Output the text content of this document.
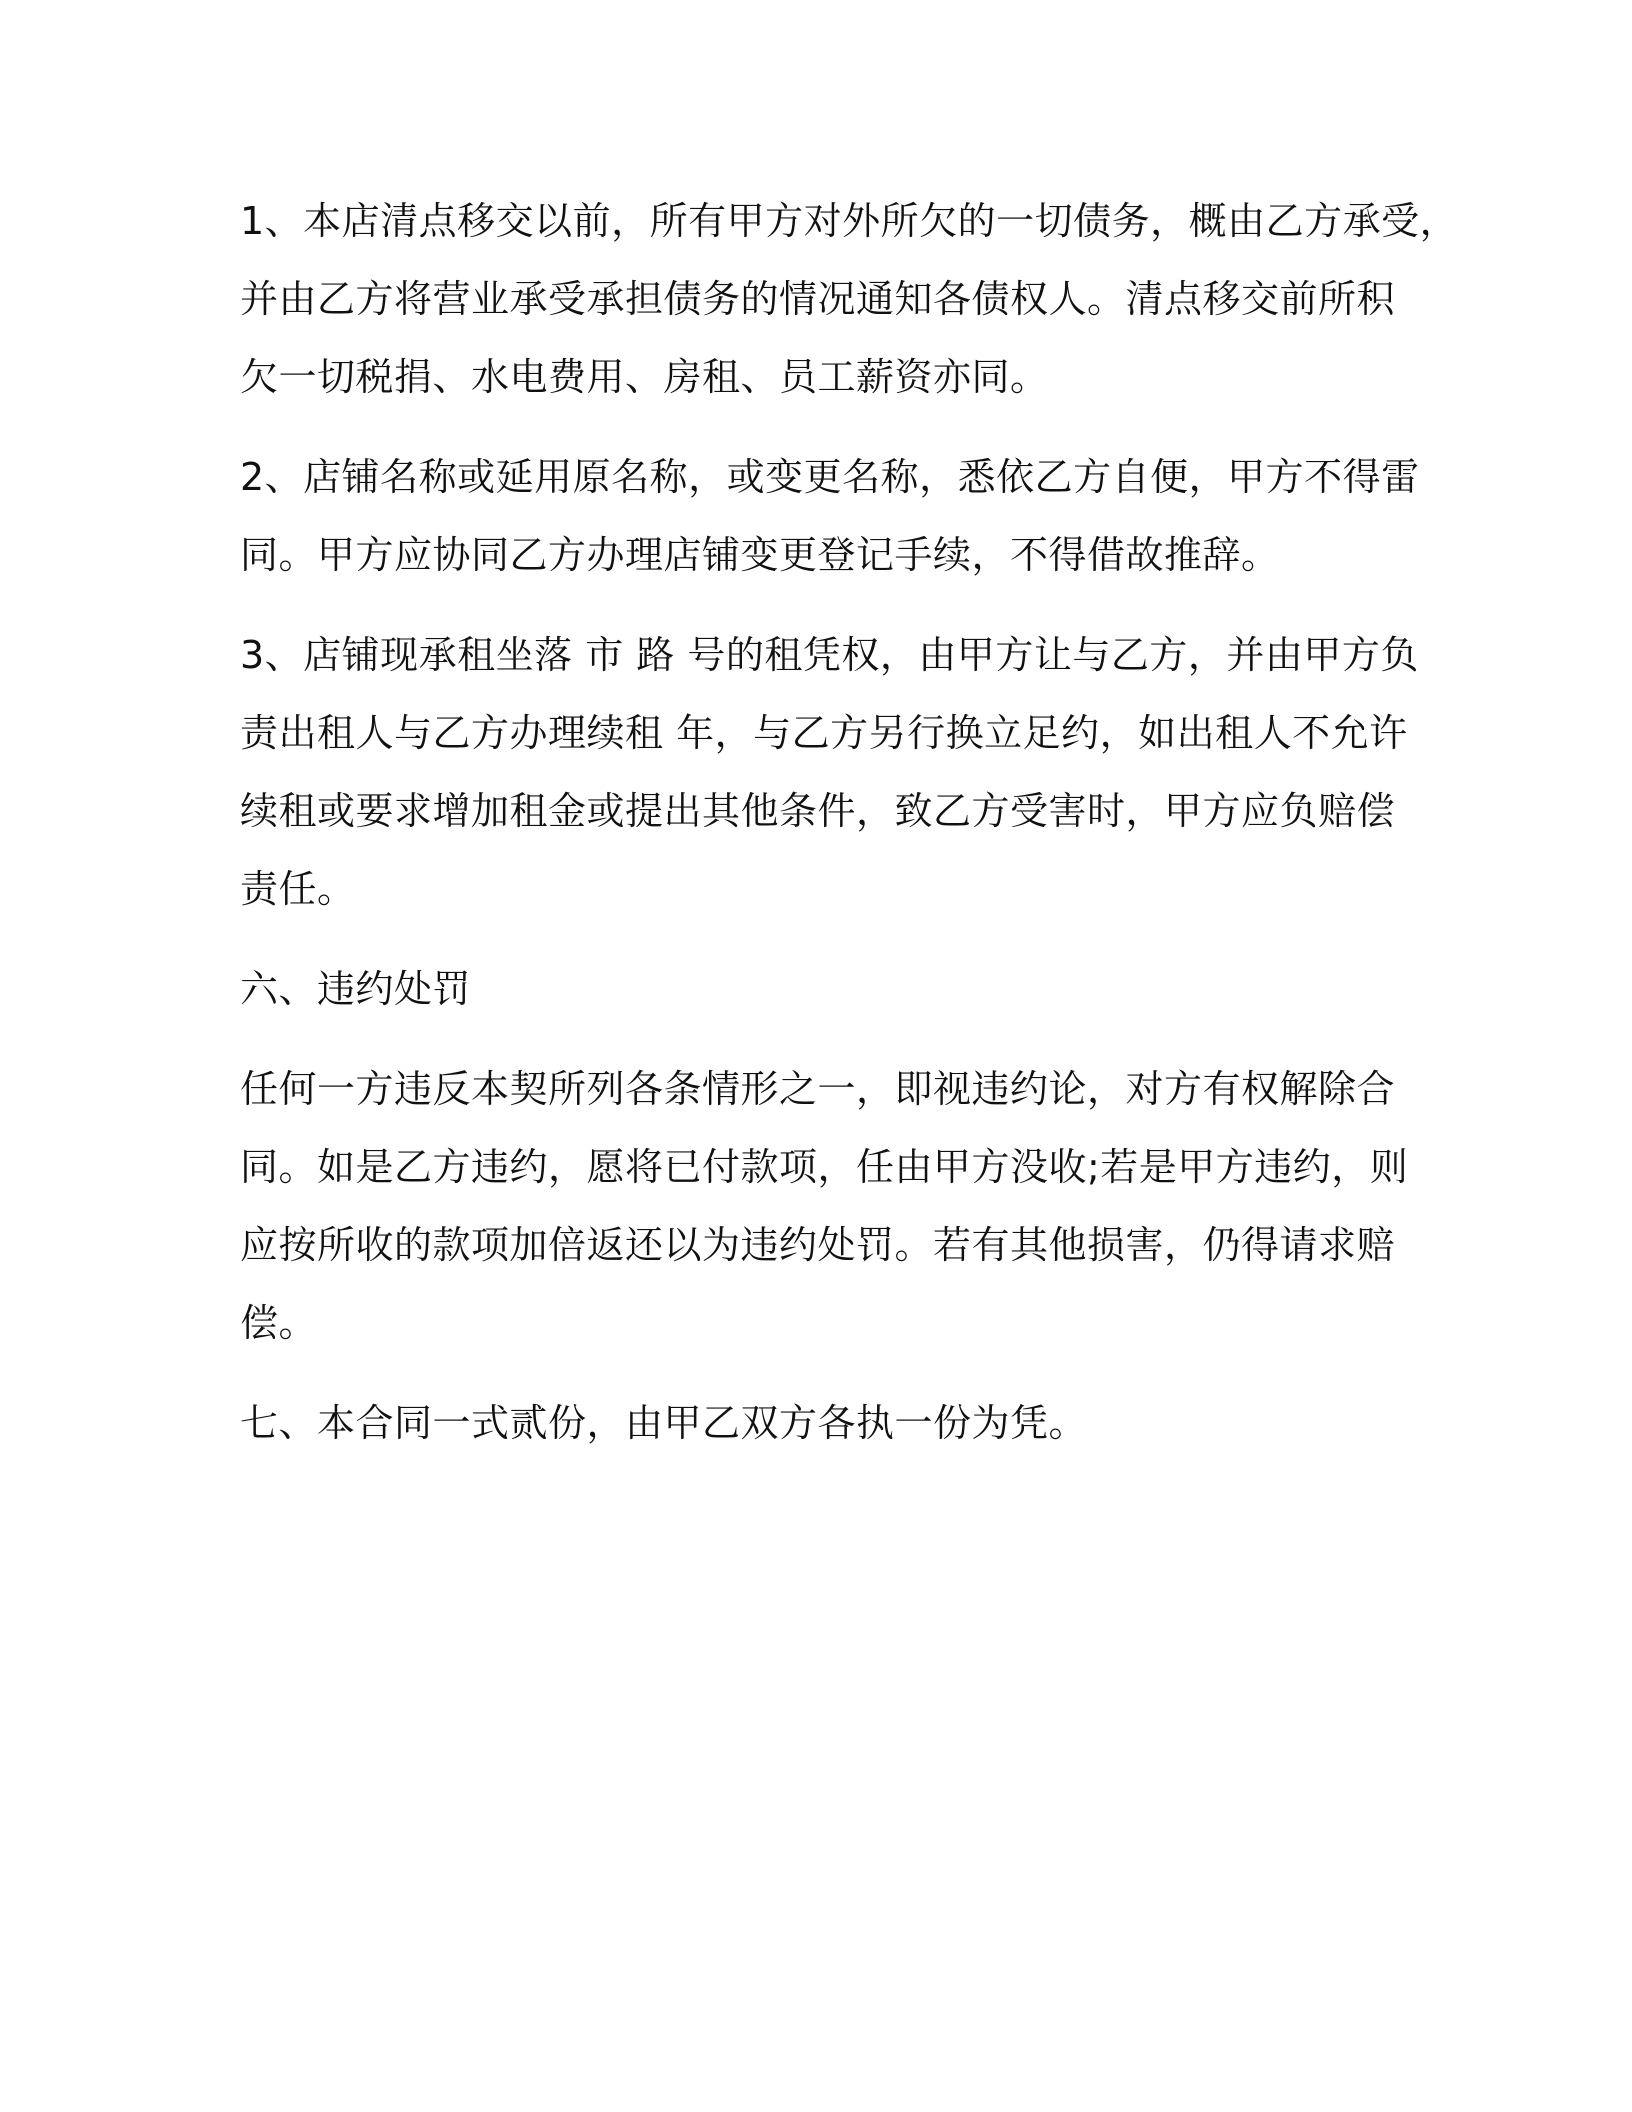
1、本店清点移交以前，所有甲方对外所欠的一切债务，概由乙方承受，
并由乙方将营业承受承担债务的情况通知各债权人。清点移交前所积
欠一切税捐、水电费用、房租、员工薪资亦同。

2、店铺名称或延用原名称，或变更名称，悉依乙方自便，甲方不得雷
同。甲方应协同乙方办理店铺变更登记手续，不得借故推辞。

3、店铺现承租坐落 市 路 号的租凭权，由甲方让与乙方，并由甲方负
责出租人与乙方办理续租 年，与乙方另行换立足约，如出租人不允许
续租或要求增加租金或提出其他条件，致乙方受害时，甲方应负赔偿
责任。

六、违约处罚

任何一方违反本契所列各条情形之一，即视违约论，对方有权解除合
同。如是乙方违约，愿将已付款项，任由甲方没收;若是甲方违约，则
应按所收的款项加倍返还以为违约处罚。若有其他损害，仍得请求赔
偿。

七、本合同一式贰份，由甲乙双方各执一份为凭。
